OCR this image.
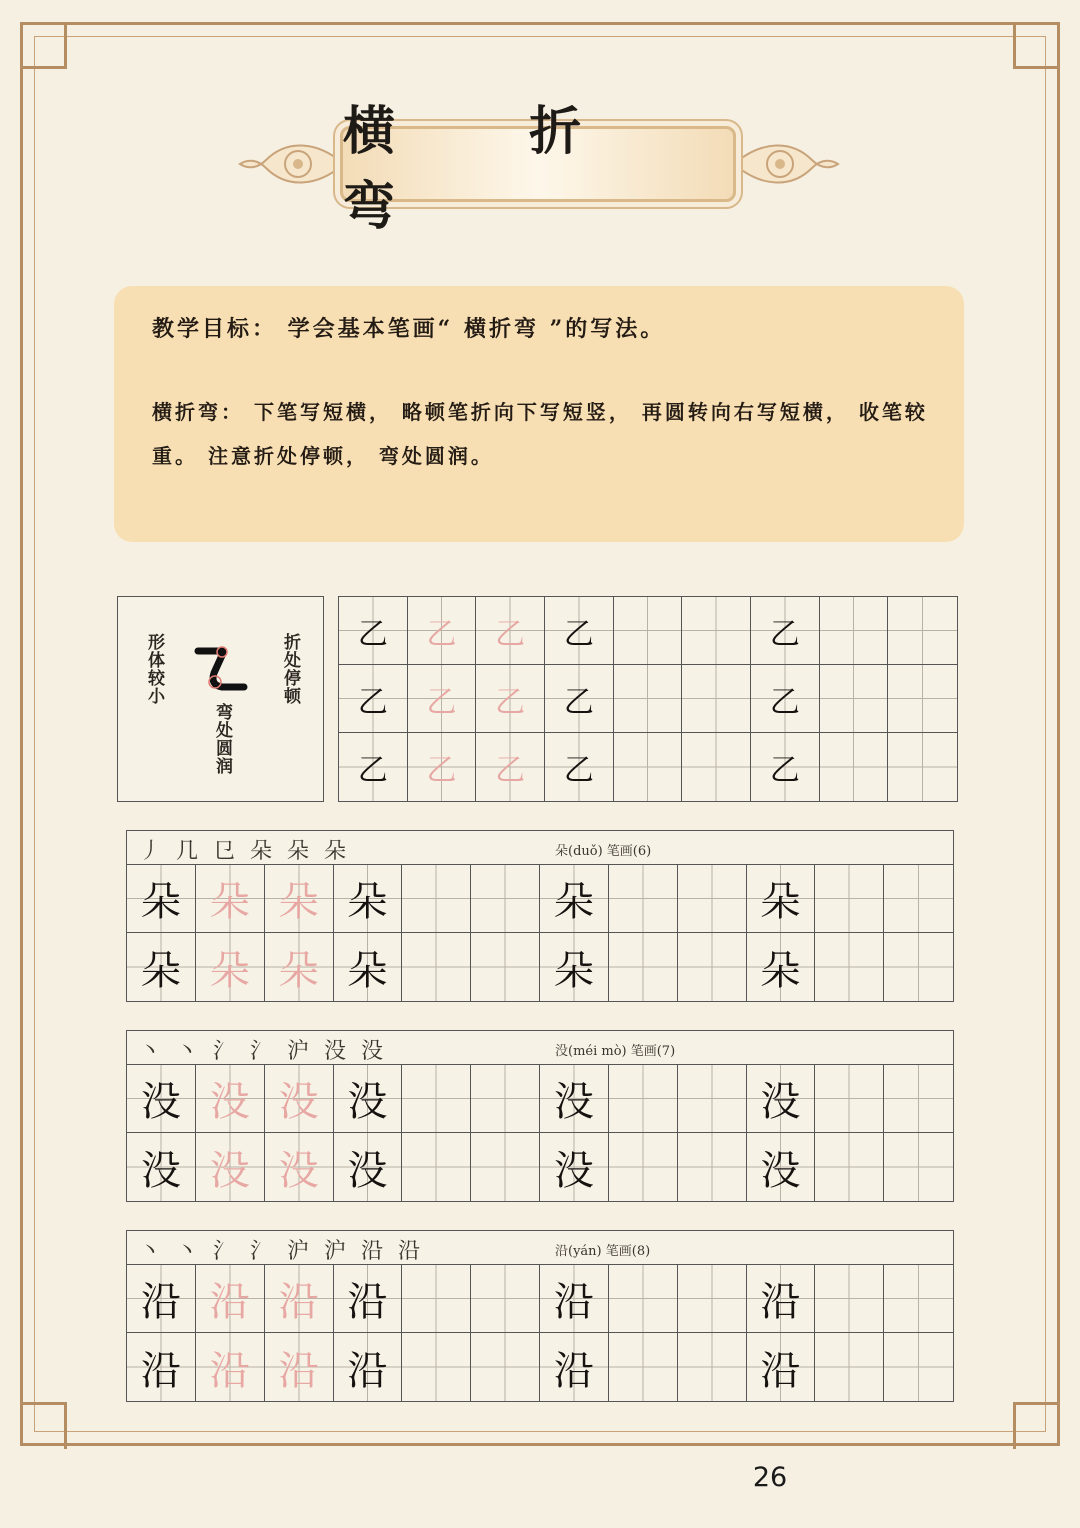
横 折 弯

教学目标： 学会基本笔画“ 横折弯 ”的写法。

横折弯： 下笔写短横， 略顿笔折向下写短竖， 再圆转向右写短横， 收笔较重。 注意折处停顿， 弯处圆润。

形体较小	折处停顿
弯处圆润
乙	乙	乙	乙	乙
乙	乙	乙	乙	乙
乙	乙	乙	乙	乙
丿 几 㔾 朵 朵 朵	朵(duǒ) 笔画(6)
朵 朵 朵 朵	朵	朵
朵 朵 朵 朵	朵	朵
丶 丶 氵 氵 沪 没 没	没(méi mò) 笔画(7)
没 没 没 没	没	没
没 没 没 没	没	没
丶 丶 氵 氵 沪 沪 沿 沿	沿(yán) 笔画(8)
沿 沿 沿 沿	沿	沿
沿 沿 沿 沿	沿	沿
26
